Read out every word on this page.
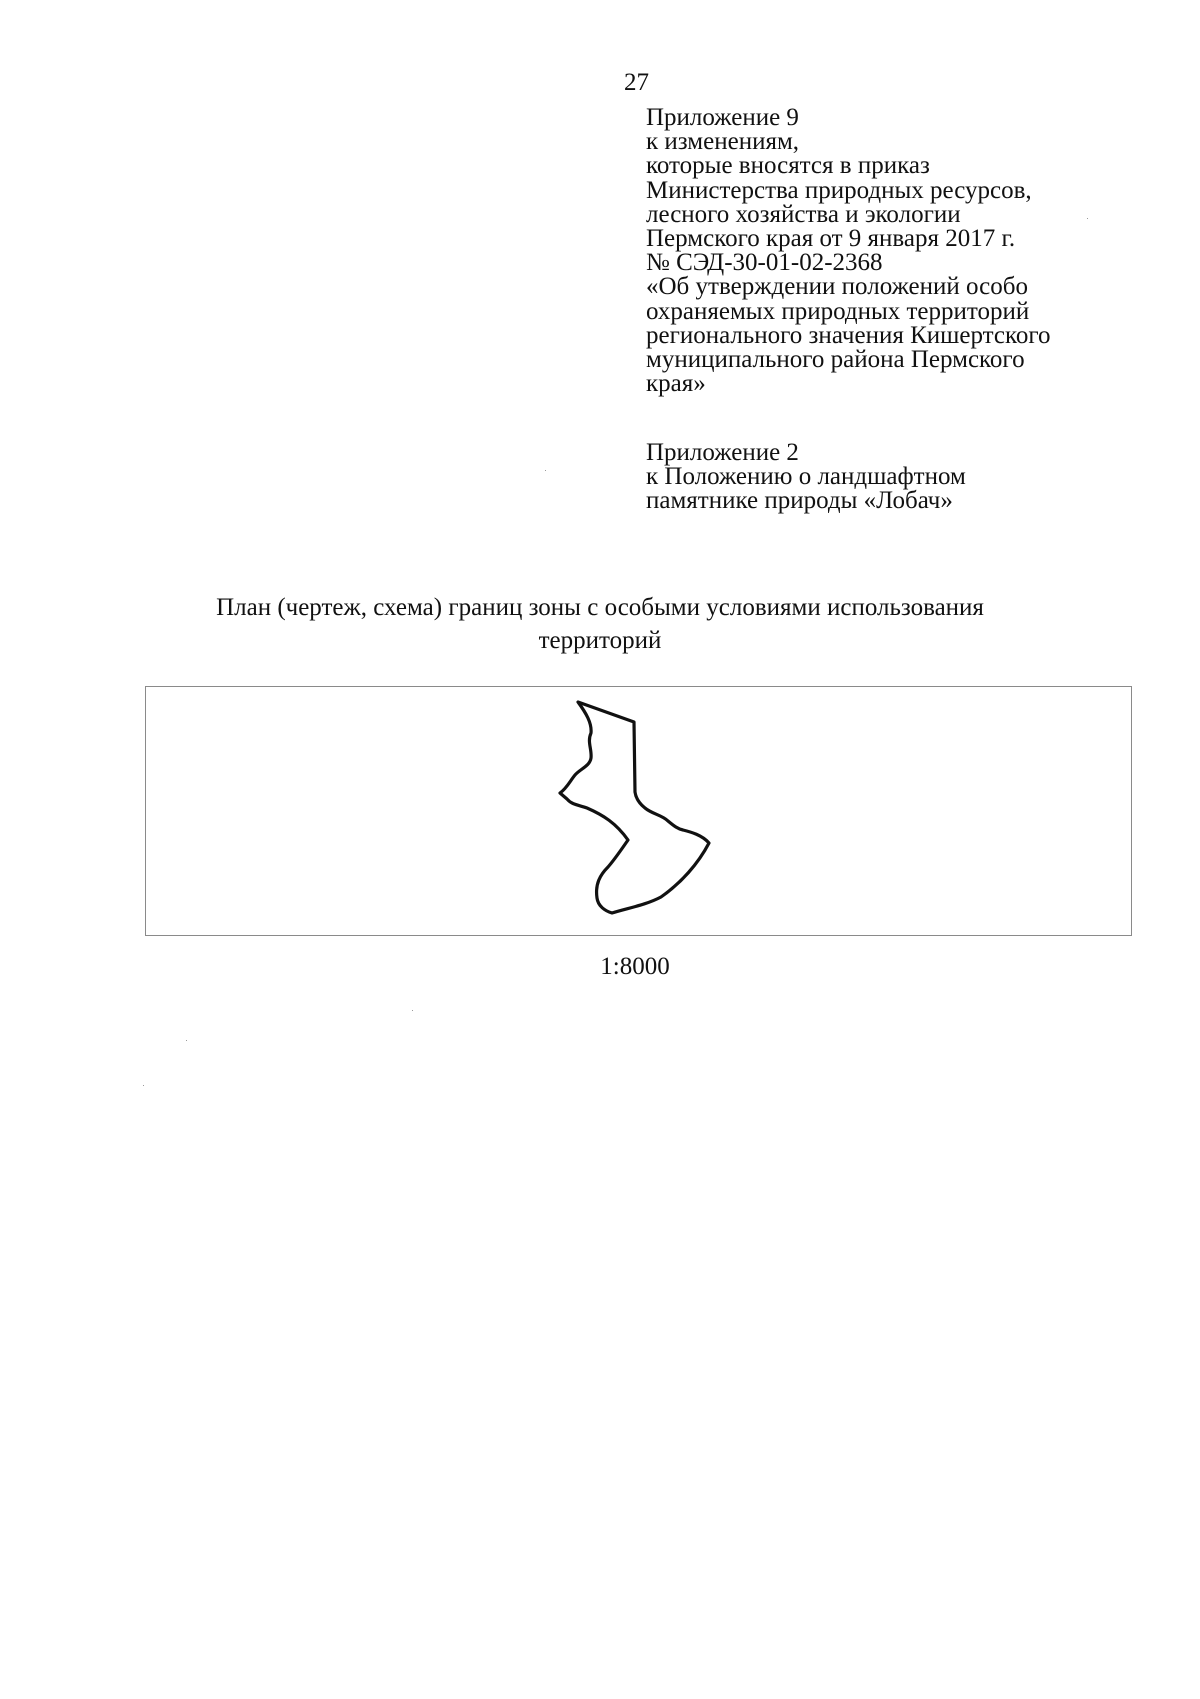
27
Приложение 9
к изменениям,
которые вносятся в приказ
Министерства природных ресурсов,
лесного хозяйства и экологии
Пермского края от 9 января 2017 г.
№ СЭД-30-01-02-2368
«Об утверждении положений особо
охраняемых природных территорий
регионального значения Кишертского
муниципального района Пермского
края»
Приложение 2
к Положению о ландшафтном
памятнике природы «Лобач»
План (чертеж, схема) границ зоны с особыми условиями использования
территорий
1:8000
